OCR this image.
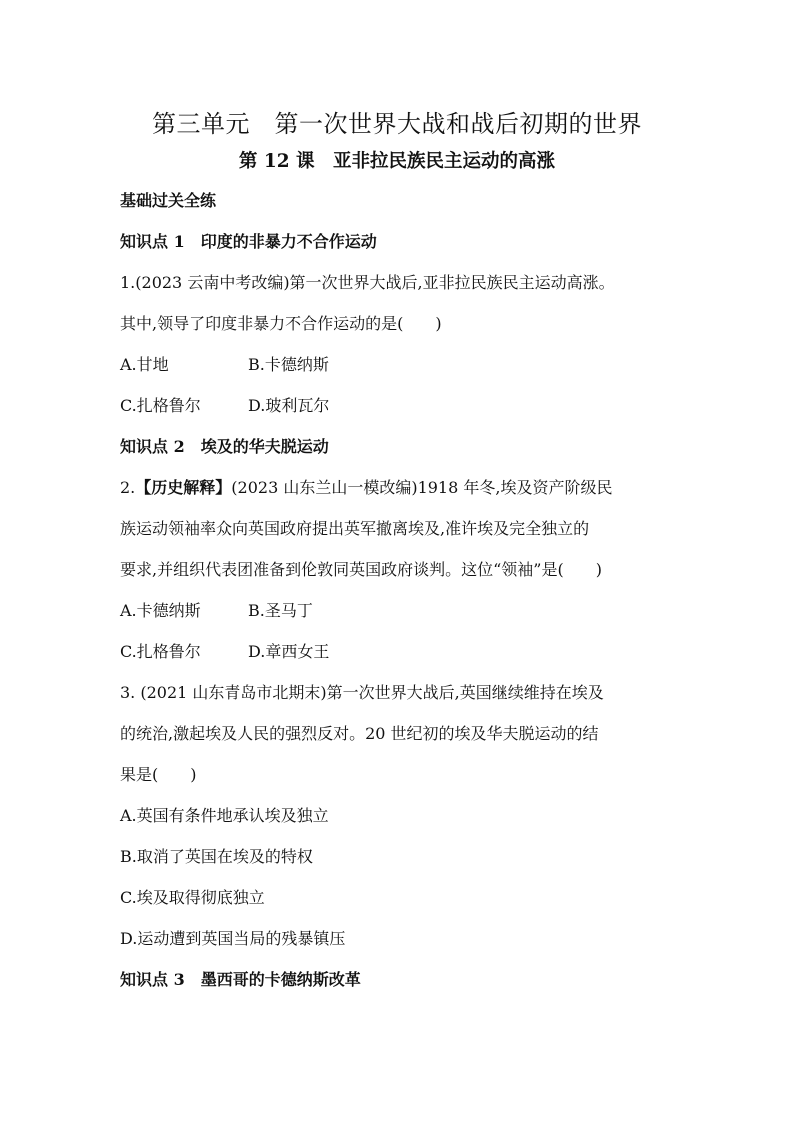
第三单元　第一次世界大战和战后初期的世界
第 12 课　亚非拉民族民主运动的高涨
基础过关全练
知识点 1　印度的非暴力不合作运动
1.(2023 云南中考改编)第一次世界大战后,亚非拉民族民主运动高涨。
其中,领导了印度非暴力不合作运动的是(　　)
A.甘地	B.卡德纳斯
C.扎格鲁尔	D.玻利瓦尔
知识点 2　埃及的华夫脱运动
2.【历史解释】(2023 山东兰山一模改编)1918 年冬,埃及资产阶级民
族运动领袖率众向英国政府提出英军撤离埃及,准许埃及完全独立的
要求,并组织代表团准备到伦敦同英国政府谈判。这位“领袖”是(　　)
A.卡德纳斯	B.圣马丁
C.扎格鲁尔	D.章西女王
3. (2021 山东青岛市北期末)第一次世界大战后,英国继续维持在埃及
的统治,激起埃及人民的强烈反对。20 世纪初的埃及华夫脱运动的结
果是(　　)
A.英国有条件地承认埃及独立
B.取消了英国在埃及的特权
C.埃及取得彻底独立
D.运动遭到英国当局的残暴镇压
知识点 3　墨西哥的卡德纳斯改革
